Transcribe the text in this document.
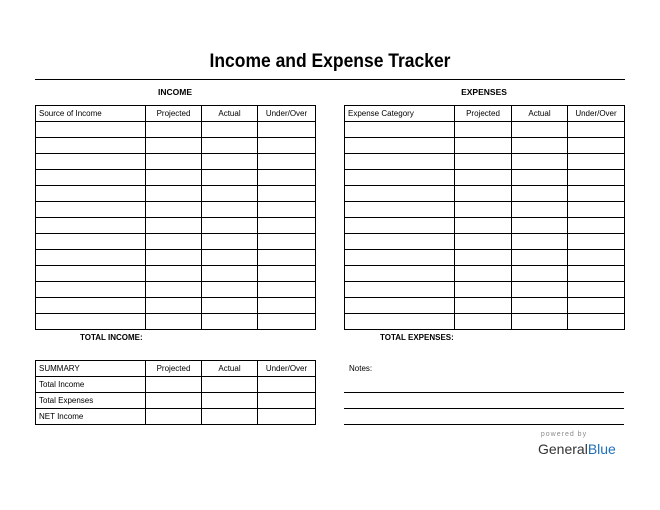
Income and Expense Tracker
INCOME
Source of Income	Projected	Actual	Under/Over

TOTAL INCOME:
EXPENSES
Expense Category	Projected	Actual	Under/Over

TOTAL EXPENSES:
SUMMARY	Projected	Actual	Under/Over
Total Income			
Total Expenses			
NET Income			
Notes:
powered by
GeneralBlue
